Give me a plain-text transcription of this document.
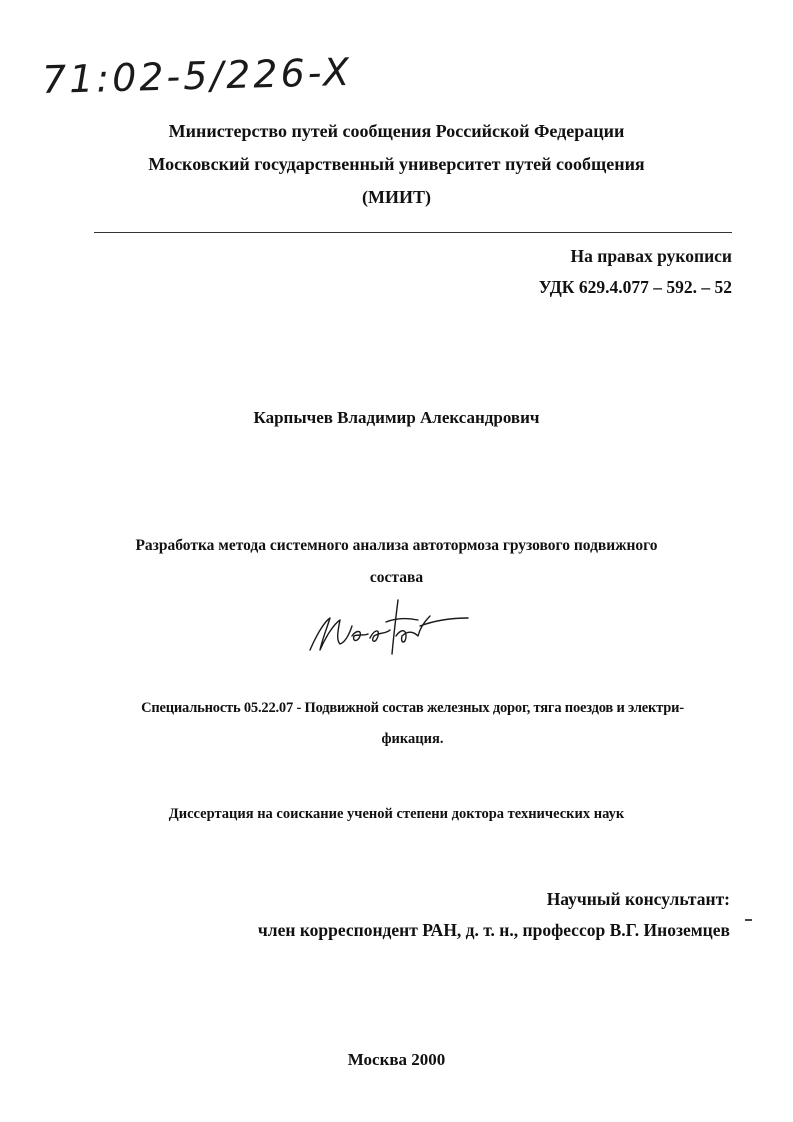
71:02-5/226-X
Министерство путей сообщения Российской Федерации
Московский государственный университет путей сообщения
(МИИТ)
На правах рукописи
УДК 629.4.077 – 592. – 52
Карпычев Владимир Александрович
Разработка метода системного анализа автотормоза грузового подвижного
состава
Специальность 05.22.07 - Подвижной состав железных дорог, тяга поездов и электри-
фикация.
Диссертация на соискание ученой степени доктора технических наук
Научный консультант:
член корреспондент РАН, д. т. н., профессор В.Г. Иноземцев
Москва 2000
